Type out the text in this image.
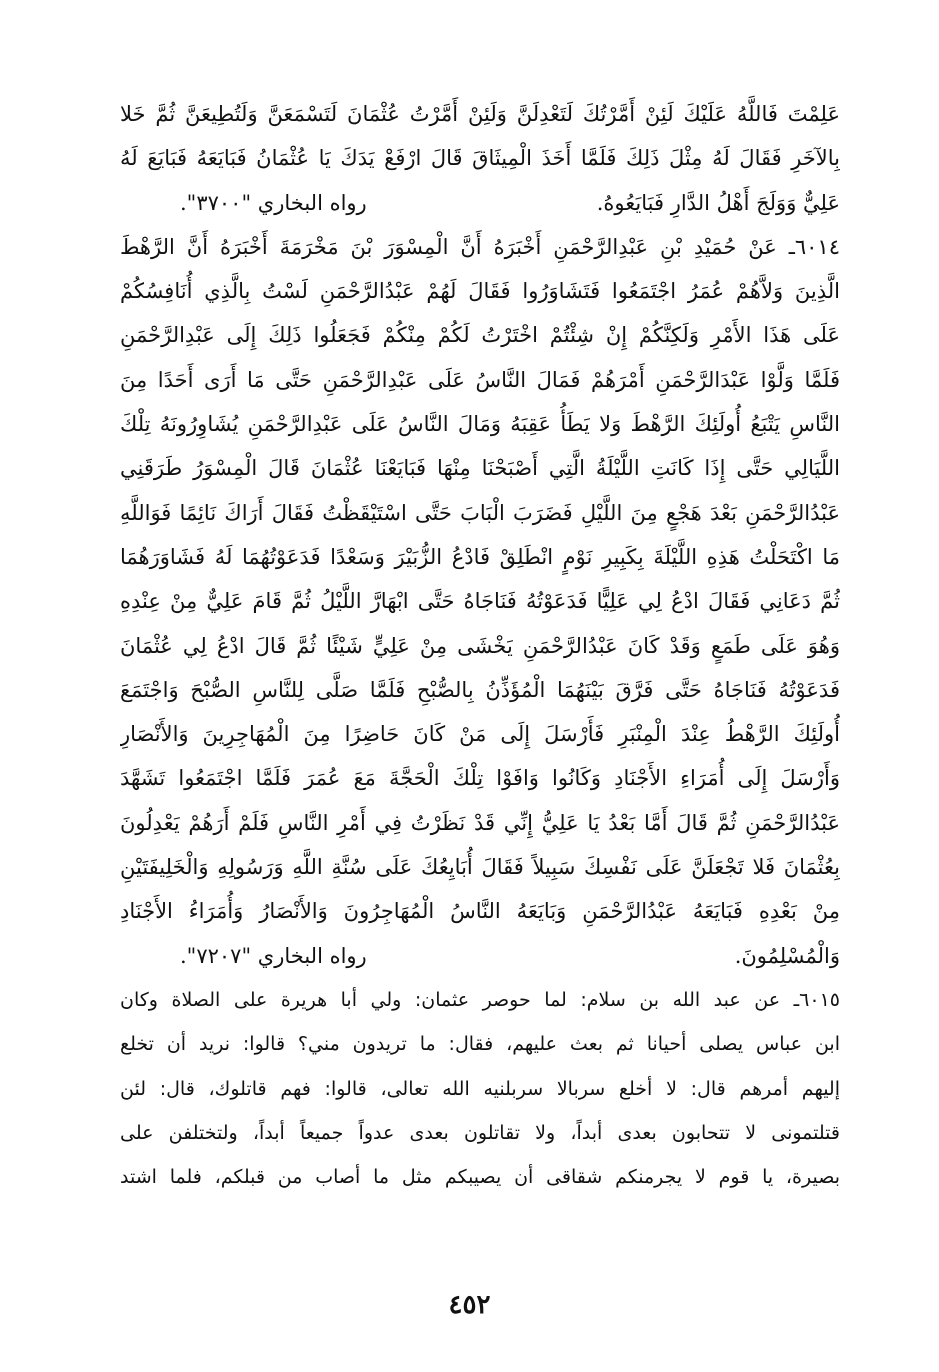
عَلِمْتَ فَاللَّهُ عَلَيْكَ لَئِنْ أَمَّرْتُكَ لَتَعْدِلَنَّ وَلَئِنْ أَمَّرْتُ عُثْمَانَ لَتَسْمَعَنَّ وَلَتُطِيعَنَّ ثُمَّ خَلا
بِالآخَرِ فَقَالَ لَهُ مِثْلَ ذَلِكَ فَلَمَّا أَخَذَ الْمِيثَاقَ قَالَ ارْفَعْ يَدَكَ يَا عُثْمَانُ فَبَايَعَهُ فَبَايَعَ لَهُ
عَلِيٌّ وَوَلَجَ أَهْلُ الدَّارِ فَبَايَعُوهُ.
رواه البخاري "٣٧٠٠".
٦٠١٤ـ عَنْ حُمَيْدِ بْنِ عَبْدِالرَّحْمَنِ أَخْبَرَهُ أَنَّ الْمِسْوَرَ بْنَ مَخْرَمَةَ أَخْبَرَهُ أَنَّ الرَّهْطَ
الَّذِينَ وَلاَّهُمْ عُمَرُ اجْتَمَعُوا فَتَشَاوَرُوا فَقَالَ لَهُمْ عَبْدُالرَّحْمَنِ لَسْتُ بِالَّذِي أُنَافِسُكُمْ
عَلَى هَذَا الأَمْرِ وَلَكِنَّكُمْ إِنْ شِئْتُمْ اخْتَرْتُ لَكُمْ مِنْكُمْ فَجَعَلُوا ذَلِكَ إِلَى عَبْدِالرَّحْمَنِ
فَلَمَّا وَلَّوْا عَبْدَالرَّحْمَنِ أَمْرَهُمْ فَمَالَ النَّاسُ عَلَى عَبْدِالرَّحْمَنِ حَتَّى مَا أَرَى أَحَدًا مِنَ
النَّاسِ يَتْبَعُ أُولَئِكَ الرَّهْطَ وَلا يَطَأُ عَقِبَهُ وَمَالَ النَّاسُ عَلَى عَبْدِالرَّحْمَنِ يُشَاوِرُونَهُ تِلْكَ
اللَّيَالِي حَتَّى إِذَا كَانَتِ اللَّيْلَةُ الَّتِي أَصْبَحْنَا مِنْهَا فَبَايَعْنَا عُثْمَانَ قَالَ الْمِسْوَرُ طَرَقَنِي
عَبْدُالرَّحْمَنِ بَعْدَ هَجْعٍ مِنَ اللَّيْلِ فَضَرَبَ الْبَابَ حَتَّى اسْتَيْقَظْتُ فَقَالَ أَرَاكَ نَائِمًا فَوَاللَّهِ
مَا اكْتَحَلْتُ هَذِهِ اللَّيْلَةَ بِكَبِيرِ نَوْمٍ انْطَلِقْ فَادْعُ الزُّبَيْرَ وَسَعْدًا فَدَعَوْتُهُمَا لَهُ فَشَاوَرَهُمَا
ثُمَّ دَعَانِي فَقَالَ ادْعُ لِي عَلِيًّا فَدَعَوْتُهُ فَنَاجَاهُ حَتَّى ابْهَارَّ اللَّيْلُ ثُمَّ قَامَ عَلِيٌّ مِنْ عِنْدِهِ
وَهُوَ عَلَى طَمَعٍ وَقَدْ كَانَ عَبْدُالرَّحْمَنِ يَخْشَى مِنْ عَلِيٍّ شَيْئًا ثُمَّ قَالَ ادْعُ لِي عُثْمَانَ
فَدَعَوْتُهُ فَنَاجَاهُ حَتَّى فَرَّقَ بَيْنَهُمَا الْمُؤَذِّنُ بِالصُّبْحِ فَلَمَّا صَلَّى لِلنَّاسِ الصُّبْحَ وَاجْتَمَعَ
أُولَئِكَ الرَّهْطُ عِنْدَ الْمِنْبَرِ فَأَرْسَلَ إِلَى مَنْ كَانَ حَاضِرًا مِنَ الْمُهَاجِرِينَ وَالأَنْصَارِ
وَأَرْسَلَ إِلَى أُمَرَاءِ الأَجْنَادِ وَكَانُوا وَافَوْا تِلْكَ الْحَجَّةَ مَعَ عُمَرَ فَلَمَّا اجْتَمَعُوا تَشَهَّدَ
عَبْدُالرَّحْمَنِ ثُمَّ قَالَ أَمَّا بَعْدُ يَا عَلِيُّ إِنِّي قَدْ نَظَرْتُ فِي أَمْرِ النَّاسِ فَلَمْ أَرَهُمْ يَعْدِلُونَ
بِعُثْمَانَ فَلا تَجْعَلَنَّ عَلَى نَفْسِكَ سَبِيلاً فَقَالَ أُبَايِعُكَ عَلَى سُنَّةِ اللَّهِ وَرَسُولِهِ وَالْخَلِيفَتَيْنِ
مِنْ بَعْدِهِ فَبَايَعَهُ عَبْدُالرَّحْمَنِ وَبَايَعَهُ النَّاسُ الْمُهَاجِرُونَ وَالأَنْصَارُ وَأُمَرَاءُ الأَجْنَادِ
وَالْمُسْلِمُونَ.
رواه البخاري "٧٢٠٧".
٦٠١٥ـ عن عبد الله بن سلام: لما حوصر عثمان: ولي أبا هريرة على الصلاة وكان
ابن عباس يصلى أحيانا ثم بعث عليهم، فقال: ما تريدون مني؟ قالوا: نريد أن تخلع
إليهم أمرهم قال: لا أخلع سربالا سربلنيه الله تعالى، قالوا: فهم قاتلوك، قال: لئن
قتلتمونى لا تتحابون بعدى أبداً، ولا تقاتلون بعدى عدواً جميعاً أبداً، ولتختلفن على
بصيرة، يا قوم لا يجرمنكم شقاقى أن يصيبكم مثل ما أصاب من قبلكم، فلما اشتد
٤٥٢
